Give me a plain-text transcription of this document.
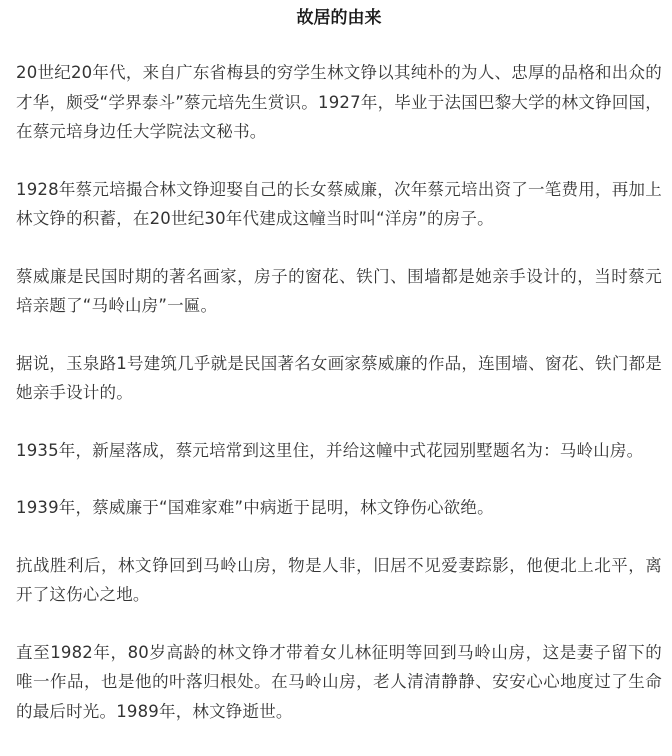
故居的由来

20世纪20年代，来自广东省梅县的穷学生林文铮以其纯朴的为人、忠厚的品格和出众的才华，颇受“学界泰斗”蔡元培先生赏识。1927年，毕业于法国巴黎大学的林文铮回国，在蔡元培身边任大学院法文秘书。

1928年蔡元培撮合林文铮迎娶自己的长女蔡威廉，次年蔡元培出资了一笔费用，再加上林文铮的积蓄，在20世纪30年代建成这幢当时叫“洋房”的房子。

蔡威廉是民国时期的著名画家，房子的窗花、铁门、围墙都是她亲手设计的，当时蔡元培亲题了“马岭山房”一匾。

据说，玉泉路1号建筑几乎就是民国著名女画家蔡威廉的作品，连围墙、窗花、铁门都是她亲手设计的。

1935年，新屋落成，蔡元培常到这里住，并给这幢中式花园别墅题名为：马岭山房。

1939年，蔡威廉于“国难家难”中病逝于昆明，林文铮伤心欲绝。

抗战胜利后，林文铮回到马岭山房，物是人非，旧居不见爱妻踪影，他便北上北平，离开了这伤心之地。

直至1982年，80岁高龄的林文铮才带着女儿林征明等回到马岭山房，这是妻子留下的唯一作品，也是他的叶落归根处。在马岭山房，老人清清静静、安安心心地度过了生命的最后时光。1989年，林文铮逝世。
